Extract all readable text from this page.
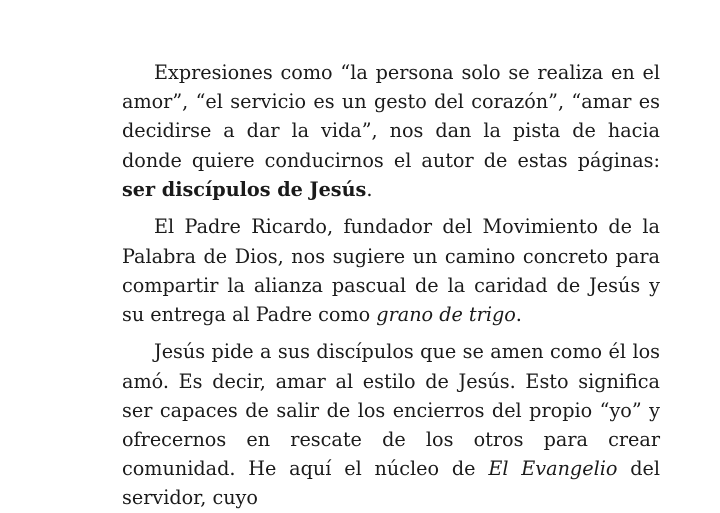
Expresiones como “la persona solo se realiza en el amor”, “el servicio es un gesto del corazón”, “amar es decidirse a dar la vida”, nos dan la pista de hacia donde quiere conducirnos el autor de estas páginas: ser discípulos de Jesús.

El Padre Ricardo, fundador del Movimiento de la Palabra de Dios, nos sugiere un camino concreto para compartir la alianza pascual de la caridad de Jesús y su entrega al Padre como grano de trigo.

Jesús pide a sus discípulos que se amen como él los amó. Es decir, amar al estilo de Jesús. Esto significa ser capaces de salir de los encierros del propio “yo” y ofrecernos en rescate de los otros para crear comunidad. He aquí el núcleo de El Evangelio del servidor, cuyo
